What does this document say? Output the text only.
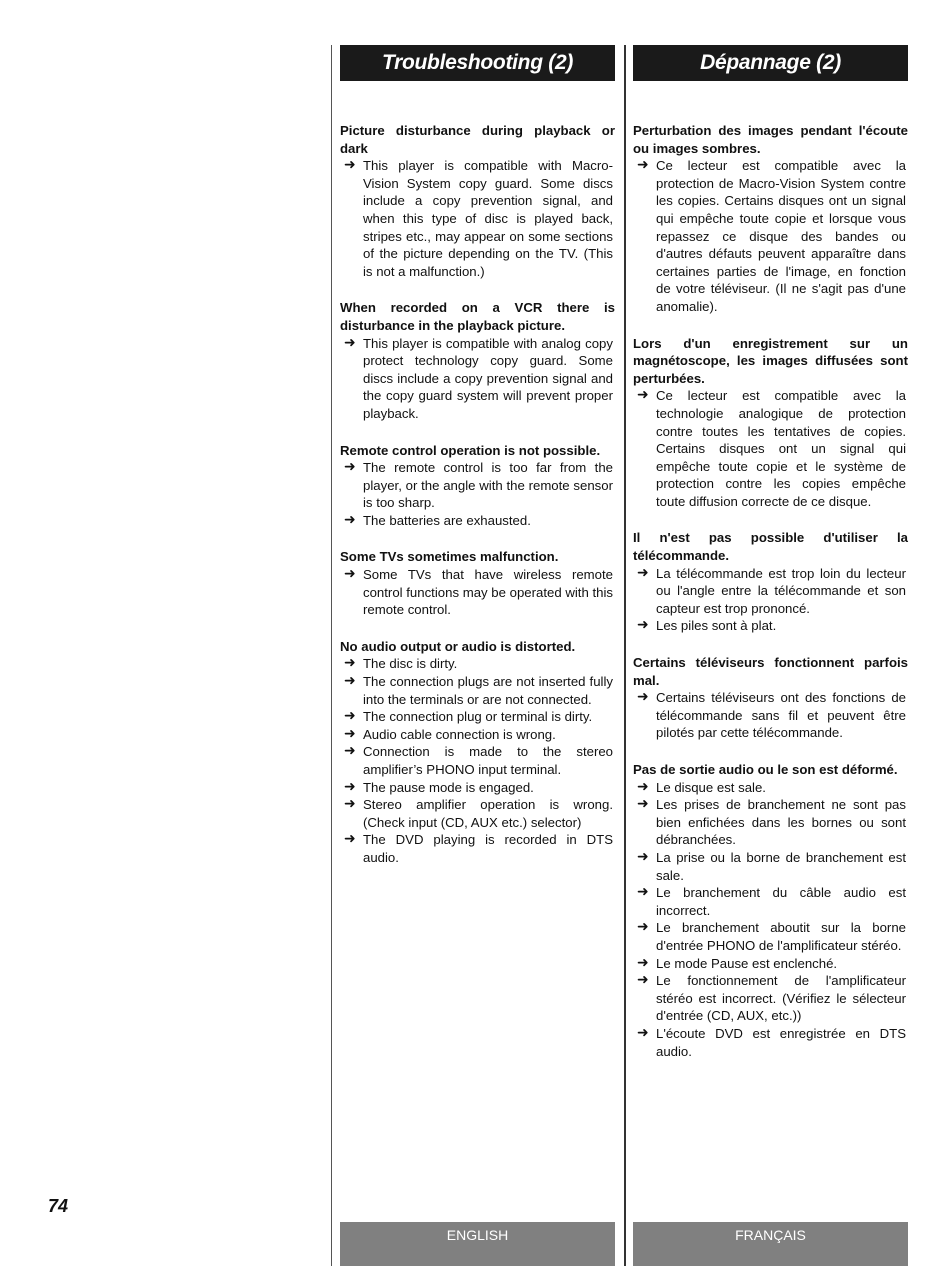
Troubleshooting (2)

Picture disturbance during playback or dark

➜ This player is compatible with Macro-Vision System copy guard. Some discs include a copy prevention signal, and when this type of disc is played back, stripes etc., may appear on some sections of the picture depending on the TV. (This is not a malfunction.)

When recorded on a VCR there is disturbance in the playback picture.

➜ This player is compatible with analog copy protect technology copy guard. Some discs include a copy prevention signal and the copy guard system will prevent proper playback.

Remote control operation is not possible.

➜ The remote control is too far from the player, or the angle with the remote sensor is too sharp.
➜ The batteries are exhausted.

Some TVs sometimes malfunction.

➜ Some TVs that have wireless remote control functions may be operated with this remote control.

No audio output or audio is distorted.

➜ The disc is dirty.
➜ The connection plugs are not inserted fully into the terminals or are not connected.
➜ The connection plug or terminal is dirty.
➜ Audio cable connection is wrong.
➜ Connection is made to the stereo amplifier’s PHONO input terminal.
➜ The pause mode is engaged.
➜ Stereo amplifier operation is wrong. (Check input (CD, AUX etc.) selector)
➜ The DVD playing is recorded in DTS audio.
Dépannage (2)

Perturbation des images pendant l'écoute ou images sombres.

➜ Ce lecteur est compatible avec la protection de Macro-Vision System contre les copies. Certains disques ont un signal qui empêche toute copie et lorsque vous repassez ce disque des bandes ou d'autres défauts peuvent apparaître dans certaines parties de l'image, en fonction de votre téléviseur. (Il ne s'agit pas d'une anomalie).

Lors d'un enregistrement sur un magnétoscope, les images diffusées sont perturbées.

➜ Ce lecteur est compatible avec la technologie analogique de protection contre toutes les tentatives de copies. Certains disques ont un signal qui empêche toute copie et le système de protection contre les copies empêche toute diffusion correcte de ce disque.

Il n'est pas possible d'utiliser la télécommande.

➜ La télécommande est trop loin du lecteur ou l'angle entre la télécommande et son capteur est trop prononcé.
➜ Les piles sont à plat.

Certains téléviseurs fonctionnent parfois mal.

➜ Certains téléviseurs ont des fonctions de télécommande sans fil et peuvent être pilotés par cette télécommande.

Pas de sortie audio ou le son est déformé.

➜ Le disque est sale.
➜ Les prises de branchement ne sont pas bien enfichées dans les bornes ou sont débranchées.
➜ La prise ou la borne de branchement est sale.
➜ Le branchement du câble audio est incorrect.
➜ Le branchement aboutit sur la borne d'entrée PHONO de l'amplificateur stéréo.
➜ Le mode Pause est enclenché.
➜ Le fonctionnement de l'amplificateur stéréo est incorrect. (Vérifiez le sélecteur d'entrée (CD, AUX, etc.))
➜ L'écoute DVD est enregistrée en DTS audio.
74
ENGLISH	FRANÇAIS
